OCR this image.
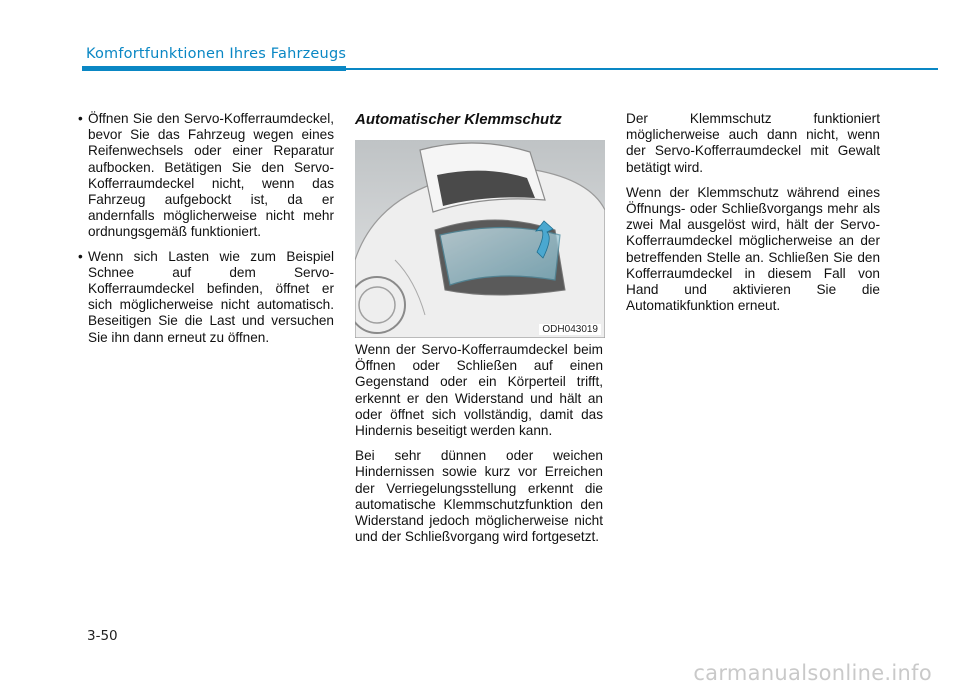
Komfortfunktionen Ihres Fahrzeugs
• Öffnen Sie den Servo-Kofferraumdeckel, bevor Sie das Fahrzeug wegen eines Reifenwechsels oder einer Reparatur aufbocken. Betätigen Sie den Servo-Kofferraumdeckel nicht, wenn das Fahrzeug aufgebockt ist, da er andernfalls möglicherweise nicht mehr ordnungsgemäß funktioniert.
• Wenn sich Lasten wie zum Beispiel Schnee auf dem Servo-Kofferraumdeckel befinden, öffnet er sich möglicherweise nicht automatisch. Beseitigen Sie die Last und versuchen Sie ihn dann erneut zu öffnen.
Automatischer Klemmschutz
ODH043019

Wenn der Servo-Kofferraumdeckel beim Öffnen oder Schließen auf einen Gegenstand oder ein Körperteil trifft, erkennt er den Widerstand und hält an oder öffnet sich vollständig, damit das Hindernis beseitigt werden kann.

Bei sehr dünnen oder weichen Hindernissen sowie kurz vor Erreichen der Verriegelungsstellung erkennt die automatische Klemmschutzfunktion den Widerstand jedoch möglicherweise nicht und der Schließvorgang wird fortgesetzt.

Der Klemmschutz funktioniert möglicherweise auch dann nicht, wenn der Servo-Kofferraumdeckel mit Gewalt betätigt wird.

Wenn der Klemmschutz während eines Öffnungs- oder Schließvorgangs mehr als zwei Mal ausgelöst wird, hält der Servo-Kofferraumdeckel möglicherweise an der betreffenden Stelle an. Schließen Sie den Kofferraumdeckel in diesem Fall von Hand und aktivieren Sie die Automatikfunktion erneut.

3-50
carmanualsonline.info
